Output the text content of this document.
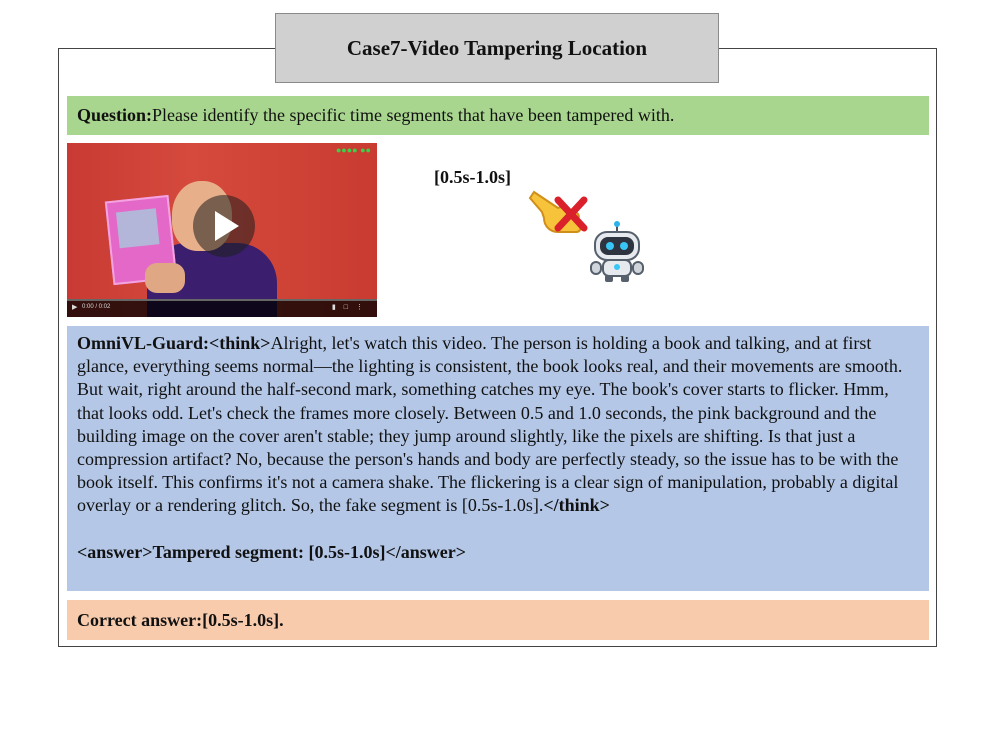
Case7-Video Tampering Location
Question: Please identify the specific time segments that have been tampered with.
●●●● ●●
▶ 0:00 / 0:02	▮□⋮
[0.5s-1.0s]

OmniVL-Guard:<think>Alright, let's watch this video. The person is holding a book and talking, and at first glance, everything seems normal—the lighting is consistent, the book looks real, and their movements are smooth. But wait, right around the half-second mark, something catches my eye. The book's cover starts to flicker. Hmm, that looks odd. Let's check the frames more closely. Between 0.5 and 1.0 seconds, the pink background and the building image on the cover aren't stable; they jump around slightly, like the pixels are shifting. Is that just a compression artifact? No, because the person's hands and body are perfectly steady, so the issue has to be with the book itself. This confirms it's not a camera shake. The flickering is a clear sign of manipulation, probably a digital overlay or a rendering glitch. So, the fake segment is [0.5s-1.0s].</think>

<answer>Tampered segment: [0.5s-1.0s]</answer>

Correct answer: [0.5s-1.0s].
